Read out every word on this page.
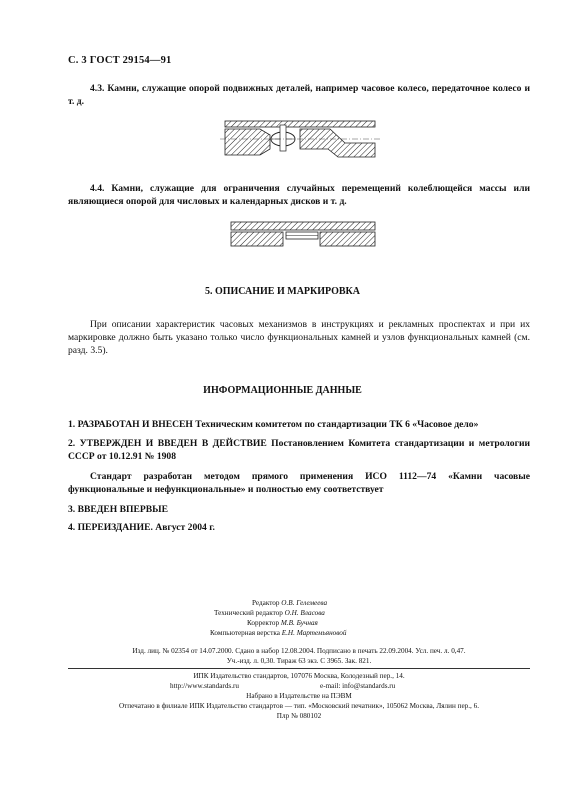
С. 3 ГОСТ 29154—91
4.3. Камни, служащие опорой подвижных деталей, например часовое колесо, передаточное колесо и т. д.
4.4. Камни, служащие для ограничения случайных перемещений колеблющейся массы или являющиеся опорой для числовых и календарных дисков и т. д.
5. ОПИСАНИЕ И МАРКИРОВКА
При описании характеристик часовых механизмов в инструкциях и рекламных проспектах и при их маркировке должно быть указано только число функциональных камней и узлов функциональных камней (см. разд. 3.5).
ИНФОРМАЦИОННЫЕ ДАННЫЕ
1. РАЗРАБОТАН И ВНЕСЕН Техническим комитетом по стандартизации ТК 6 «Часовое дело»
2. УТВЕРЖДЕН И ВВЕДЕН В ДЕЙСТВИЕ Постановлением Комитета стандартизации и метрологии СССР от 10.12.91 № 1908
Стандарт разработан методом прямого применения ИСО 1112—74 «Камни часовые функциональные и нефункциональные» и полностью ему соответствует
3. ВВЕДЕН ВПЕРВЫЕ
4. ПЕРЕИЗДАНИЕ. Август 2004 г.
Редактор О.В. Гелемеева
Технический редактор О.Н. Власова
Корректор М.В. Бучная
Компьютерная верстка Е.Н. Мартемьяновой
Изд. лиц. № 02354 от 14.07.2000. Сдано в набор 12.08.2004. Подписано в печать 22.09.2004. Усл. печ. л. 0,47.
Уч.-изд. л. 0,30. Тираж 63 экз. С 3965. Зак. 821.
ИПК Издательство стандартов, 107076 Москва, Колодезный пер., 14.
http://www.standards.ru	e-mail: info@standards.ru
Набрано в Издательстве на ПЭВМ
Отпечатано в филиале ИПК Издательство стандартов — тип. «Московский печатник», 105062 Москва, Лялин пер., 6.
Плр № 080102
